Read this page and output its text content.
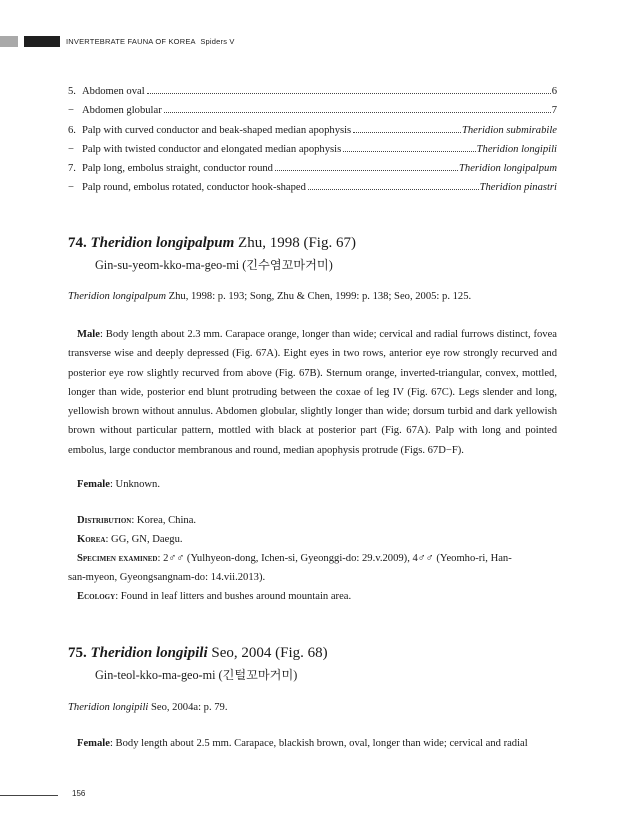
INVERTEBRATE FAUNA OF KOREA Spiders V
5. Abdomen oval	6
− Abdomen globular	7
6. Palp with curved conductor and beak-shaped median apophysis	Theridion submirabile
− Palp with twisted conductor and elongated median apophysis	Theridion longipili
7. Palp long, embolus straight, conductor round	Theridion longipalpum
− Palp round, embolus rotated, conductor hook-shaped	Theridion pinastri
74. Theridion longipalpum Zhu, 1998 (Fig. 67)
Gin-su-yeom-kko-ma-geo-mi (긴수염꼬마거미)
Theridion longipalpum Zhu, 1998: p. 193; Song, Zhu & Chen, 1999: p. 138; Seo, 2005: p. 125.
Male: Body length about 2.3 mm. Carapace orange, longer than wide; cervical and radial furrows distinct, fovea transverse wise and deeply depressed (Fig. 67A). Eight eyes in two rows, anterior eye row strongly recurved and posterior eye row slightly recurved from above (Fig. 67B). Sternum orange, inverted-triangular, convex, mottled, longer than wide, posterior end blunt protruding between the coxae of leg IV (Fig. 67C). Legs slender and long, yellowish brown without annulus. Abdomen globular, slightly longer than wide; dorsum turbid and dark yellowish brown without particular pattern, mottled with black at posterior part (Fig. 67A). Palp with long and pointed embolus, large conductor membranous and round, median apophysis protrude (Figs. 67D−F).
Female: Unknown.
Distribution: Korea, China.
Korea: GG, GN, Daegu.
Specimen examined: 2♂♂ (Yulhyeon-dong, Ichen-si, Gyeonggi-do: 29.v.2009), 4♂♂ (Yeomho-ri, Han-
san-myeon, Gyeongsangnam-do: 14.vii.2013).
Ecology: Found in leaf litters and bushes around mountain area.
75. Theridion longipili Seo, 2004 (Fig. 68)
Gin-teol-kko-ma-geo-mi (긴털꼬마거미)
Theridion longipili Seo, 2004a: p. 79.
Female: Body length about 2.5 mm. Carapace, blackish brown, oval, longer than wide; cervical and radial
156
